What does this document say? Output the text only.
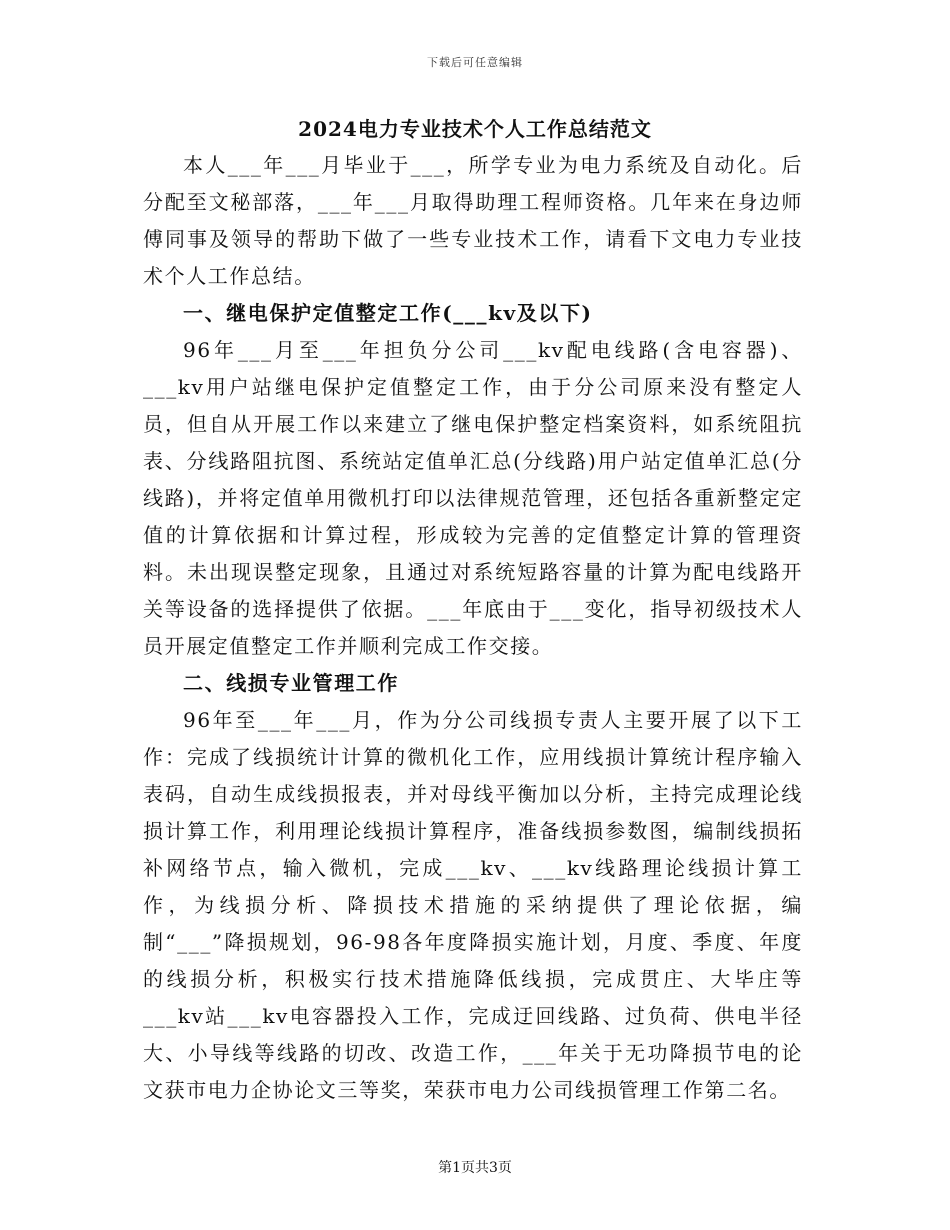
下载后可任意编辑
2024电力专业技术个人工作总结范文

本人___年___月毕业于___，所学专业为电力系统及自动化。后分配至文秘部落，___年___月取得助理工程师资格。几年来在身边师傅同事及领导的帮助下做了一些专业技术工作，请看下文电力专业技术个人工作总结。

一、继电保护定值整定工作(___kv及以下)

96年___月至___年担负分公司___kv配电线路(含电容器)、___kv用户站继电保护定值整定工作，由于分公司原来没有整定人员，但自从开展工作以来建立了继电保护整定档案资料，如系统阻抗表、分线路阻抗图、系统站定值单汇总(分线路)用户站定值单汇总(分线路)，并将定值单用微机打印以法律规范管理，还包括各重新整定定值的计算依据和计算过程，形成较为完善的定值整定计算的管理资料。未出现误整定现象，且通过对系统短路容量的计算为配电线路开关等设备的选择提供了依据。___年底由于___变化，指导初级技术人员开展定值整定工作并顺利完成工作交接。

二、线损专业管理工作

96年至___年___月，作为分公司线损专责人主要开展了以下工作：完成了线损统计计算的微机化工作，应用线损计算统计程序输入表码，自动生成线损报表，并对母线平衡加以分析，主持完成理论线损计算工作，利用理论线损计算程序，准备线损参数图，编制线损拓补网络节点，输入微机，完成___kv、___kv线路理论线损计算工作，为线损分析、降损技术措施的采纳提供了理论依据，编制“___”降损规划，96-98各年度降损实施计划，月度、季度、年度的线损分析，积极实行技术措施降低线损，完成贯庄、大毕庄等___kv站___kv电容器投入工作，完成迂回线路、过负荷、供电半径大、小导线等线路的切改、改造工作，___年关于无功降损节电的论文获市电力企协论文三等奖，荣获市电力公司线损管理工作第二名。

第1页共3页
